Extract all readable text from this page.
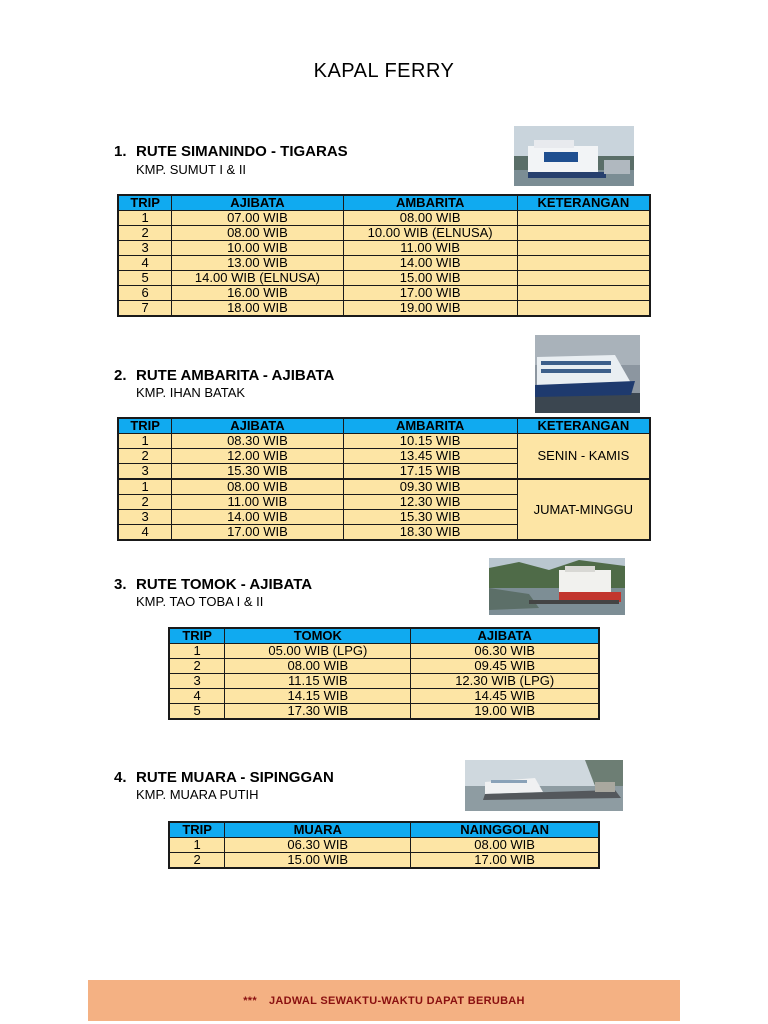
KAPAL FERRY
1. RUTE SIMANINDO - TIGARAS
KMP. SUMUT I & II
TRIP	AJIBATA	AMBARITA	KETERANGAN
1	07.00 WIB	08.00 WIB	
2	08.00 WIB	10.00 WIB (ELNUSA)	
3	10.00 WIB	11.00 WIB	
4	13.00 WIB	14.00 WIB	
5	14.00 WIB (ELNUSA)	15.00 WIB	
6	16.00 WIB	17.00 WIB	
7	18.00 WIB	19.00 WIB	
2. RUTE AMBARITA - AJIBATA
KMP. IHAN BATAK
TRIP	AJIBATA	AMBARITA	KETERANGAN
1	08.30 WIB	10.15 WIB	SENIN - KAMIS
2	12.00 WIB	13.45 WIB	
3	15.30 WIB	17.15 WIB	
1	08.00 WIB	09.30 WIB	JUMAT-MINGGU
2	11.00 WIB	12.30 WIB	
3	14.00 WIB	15.30 WIB	
4	17.00 WIB	18.30 WIB	
3. RUTE TOMOK - AJIBATA
KMP. TAO TOBA I & II
TRIP	TOMOK	AJIBATA
1	05.00 WIB (LPG)	06.30 WIB
2	08.00 WIB	09.45 WIB
3	11.15 WIB	12.30 WIB (LPG)
4	14.15 WIB	14.45 WIB
5	17.30 WIB	19.00 WIB
4. RUTE MUARA - SIPINGGAN
KMP. MUARA PUTIH
TRIP	MUARA	NAINGGOLAN
1	06.30 WIB	08.00 WIB
2	15.00 WIB	17.00 WIB
*** JADWAL SEWAKTU-WAKTU DAPAT BERUBAH
